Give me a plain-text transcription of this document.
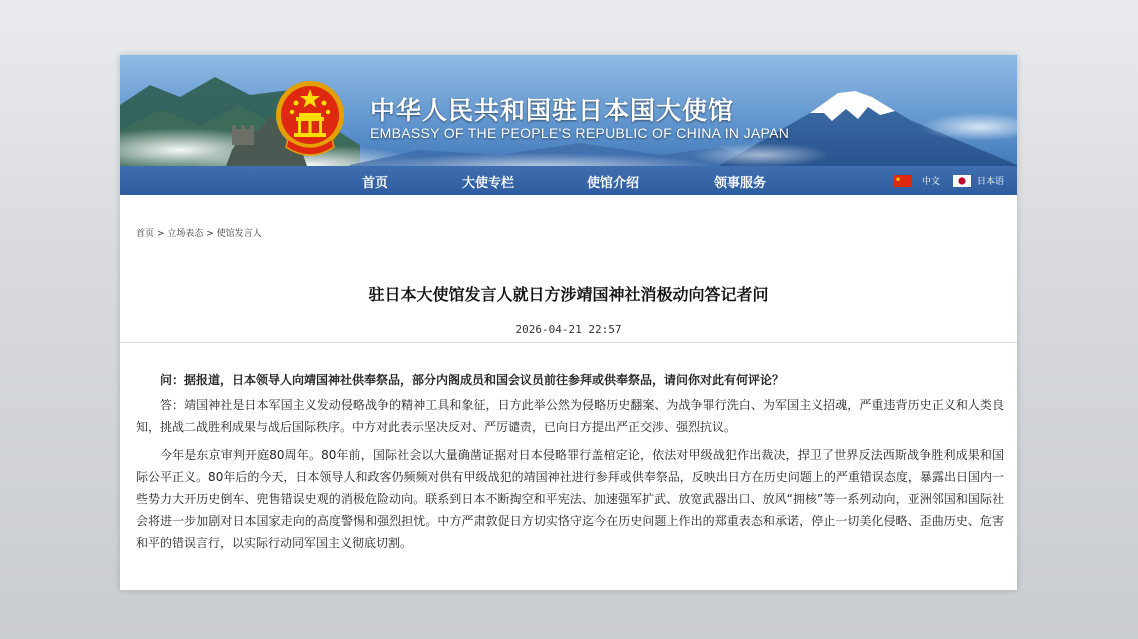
中华人民共和国驻日本国大使馆
EMBASSY OF THE PEOPLE'S REPUBLIC OF CHINA IN JAPAN
首页	大使专栏	使馆介绍	领事服务	中文	日本语
首页 > 立场表态 > 使馆发言人
驻日本大使馆发言人就日方涉靖国神社消极动向答记者问
2026-04-21 22:57

问：据报道，日本领导人向靖国神社供奉祭品，部分内阁成员和国会议员前往参拜或供奉祭品，请问你对此有何评论？

答：靖国神社是日本军国主义发动侵略战争的精神工具和象征，日方此举公然为侵略历史翻案、为战争罪行洗白、为军国主义招魂，严重违背历史正义和人类良知，挑战二战胜利成果与战后国际秩序。中方对此表示坚决反对、严厉谴责，已向日方提出严正交涉、强烈抗议。

今年是东京审判开庭80周年。80年前，国际社会以大量确凿证据对日本侵略罪行盖棺定论，依法对甲级战犯作出裁决，捍卫了世界反法西斯战争胜利成果和国际公平正义。80年后的今天，日本领导人和政客仍频频对供有甲级战犯的靖国神社进行参拜或供奉祭品，反映出日方在历史问题上的严重错误态度，暴露出日国内一些势力大开历史倒车、兜售错误史观的消极危险动向。联系到日本不断掏空和平宪法、加速强军扩武、放宽武器出口、放风“拥核”等一系列动向，亚洲邻国和国际社会将进一步加剧对日本国家走向的高度警惕和强烈担忧。中方严肃敦促日方切实恪守迄今在历史问题上作出的郑重表态和承诺，停止一切美化侵略、歪曲历史、危害和平的错误言行，以实际行动同军国主义彻底切割。
